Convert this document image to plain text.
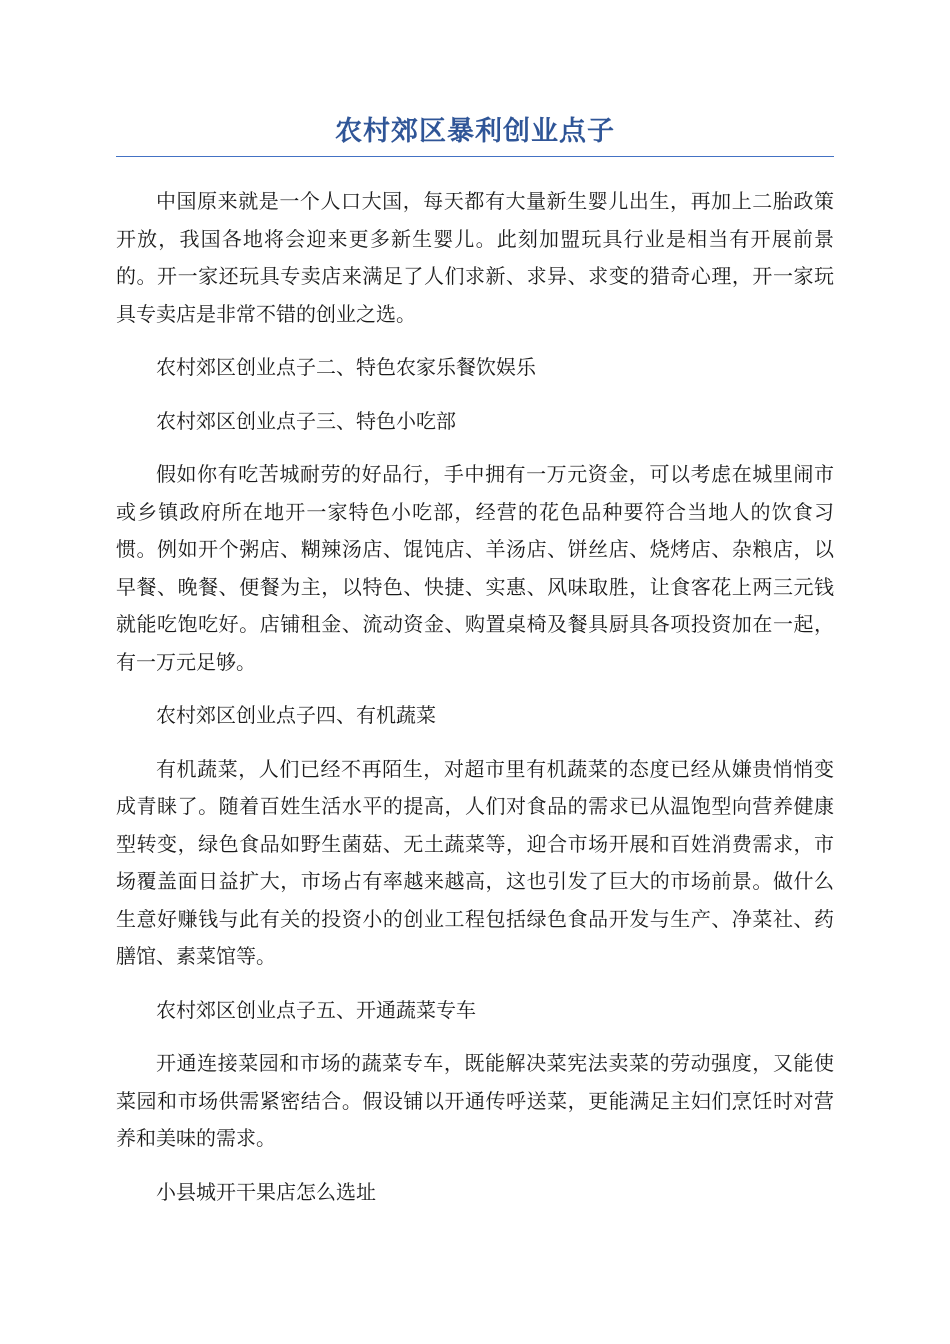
农村郊区暴利创业点子

中国原来就是一个人口大国，每天都有大量新生婴儿出生，再加上二胎政策开放，我国各地将会迎来更多新生婴儿。此刻加盟玩具行业是相当有开展前景的。开一家还玩具专卖店来满足了人们求新、求异、求变的猎奇心理，开一家玩具专卖店是非常不错的创业之选。

农村郊区创业点子二、特色农家乐餐饮娱乐

农村郊区创业点子三、特色小吃部

假如你有吃苦城耐劳的好品行，手中拥有一万元资金，可以考虑在城里闹市或乡镇政府所在地开一家特色小吃部，经营的花色品种要符合当地人的饮食习惯。例如开个粥店、糊辣汤店、馄饨店、羊汤店、饼丝店、烧烤店、杂粮店，以早餐、晚餐、便餐为主，以特色、快捷、实惠、风味取胜，让食客花上两三元钱就能吃饱吃好。店铺租金、流动资金、购置桌椅及餐具厨具各项投资加在一起，有一万元足够。

农村郊区创业点子四、有机蔬菜

有机蔬菜，人们已经不再陌生，对超市里有机蔬菜的态度已经从嫌贵悄悄变成青睐了。随着百姓生活水平的提高，人们对食品的需求已从温饱型向营养健康型转变，绿色食品如野生菌菇、无土蔬菜等，迎合市场开展和百姓消费需求，市场覆盖面日益扩大，市场占有率越来越高，这也引发了巨大的市场前景。做什么生意好赚钱与此有关的投资小的创业工程包括绿色食品开发与生产、净菜社、药膳馆、素菜馆等。

农村郊区创业点子五、开通蔬菜专车

开通连接菜园和市场的蔬菜专车，既能解决菜宪法卖菜的劳动强度，又能使菜园和市场供需紧密结合。假设铺以开通传呼送菜，更能满足主妇们烹饪时对营养和美味的需求。

小县城开干果店怎么选址
